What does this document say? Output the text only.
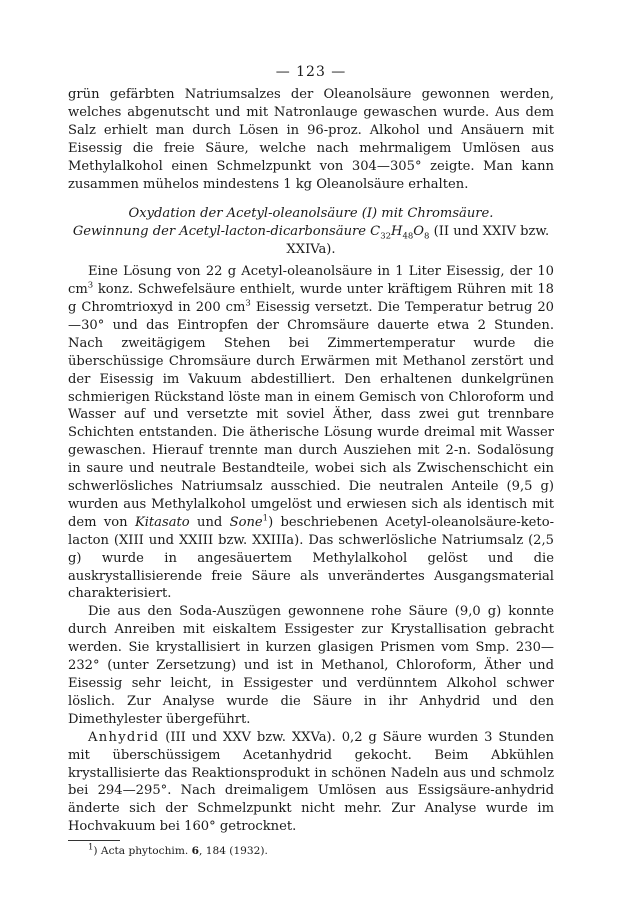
— 123 —

grün gefärbten Natriumsalzes der Oleanolsäure gewonnen werden, welches abgenutscht und mit Natronlauge gewaschen wurde. Aus dem Salz erhielt man durch Lösen in 96-proz. Alkohol und Ansäuern mit Eisessig die freie Säure, welche nach mehrmaligem Umlösen aus Methylalkohol einen Schmelzpunkt von 304—305° zeigte. Man kann zusammen mühelos mindestens 1 kg Oleanolsäure erhalten.

Oxydation der Acetyl-oleanolsäure (I) mit Chromsäure.
Gewinnung der Acetyl-lacton-dicarbonsäure $C_{32}H_{48}O_8$ (II und XXIV bzw. XXIVa).

Eine Lösung von 22 g Acetyl-oleanolsäure in 1 Liter Eisessig, der 10 $cm^3$ konz. Schwefelsäure enthielt, wurde unter kräftigem Rühren mit 18 g Chromtrioxyd in 200 $cm^3$ Eisessig versetzt. Die Temperatur betrug 20—30° und das Eintropfen der Chromsäure dauerte etwa 2 Stunden. Nach zweitägigem Stehen bei Zimmertemperatur wurde die überschüssige Chromsäure durch Erwärmen mit Methanol zerstört und der Eisessig im Vakuum abdestilliert. Den erhaltenen dunkelgrünen schmierigen Rückstand löste man in einem Gemisch von Chloroform und Wasser auf und versetzte mit soviel Äther, dass zwei gut trennbare Schichten entstanden. Die ätherische Lösung wurde dreimal mit Wasser gewaschen. Hierauf trennte man durch Ausziehen mit 2-n. Sodalösung in saure und neutrale Bestandteile, wobei sich als Zwischenschicht ein schwerlösliches Natriumsalz ausschied. Die neutralen Anteile (9,5 g) wurden aus Methylalkohol umgelöst und erwiesen sich als identisch mit dem von Kitasato und Sone$^1$) beschriebenen Acetyl-oleanolsäure-keto-lacton (XIII und XXIII bzw. XXIIIa). Das schwerlösliche Natriumsalz (2,5 g) wurde in angesäuertem Methylalkohol gelöst und die auskrystallisierende freie Säure als unverändertes Ausgangsmaterial charakterisiert.

Die aus den Soda-Auszügen gewonnene rohe Säure (9,0 g) konnte durch Anreiben mit eiskaltem Essigester zur Krystallisation gebracht werden. Sie krystallisiert in kurzen glasigen Prismen vom Smp. 230—232° (unter Zersetzung) und ist in Methanol, Chloroform, Äther und Eisessig sehr leicht, in Essigester und verdünntem Alkohol schwer löslich. Zur Analyse wurde die Säure in ihr Anhydrid und den Dimethylester übergeführt.

Anhydrid (III und XXV bzw. XXVa). 0,2 g Säure wurden 3 Stunden mit überschüssigem Acetanhydrid gekocht. Beim Abkühlen krystallisierte das Reaktionsprodukt in schönen Nadeln aus und schmolz bei 294—295°. Nach dreimaligem Umlösen aus Essigsäure-anhydrid änderte sich der Schmelzpunkt nicht mehr. Zur Analyse wurde im Hochvakuum bei 160° getrocknet.

$^1$) Acta phytochim. 6, 184 (1932).
